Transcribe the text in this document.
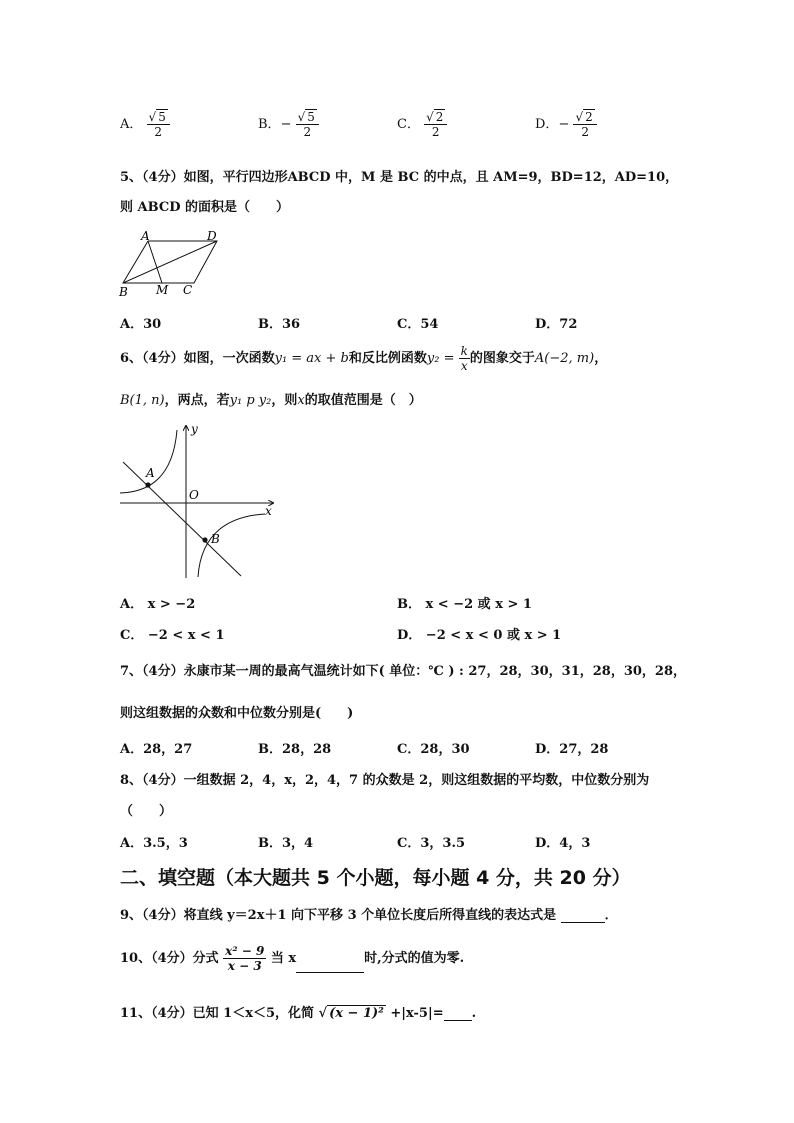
A． $\frac{√ 5}{2}$	B．− $\frac{√ 5}{2}$	C． $\frac{√ 2}{2}$	D．− $\frac{√ 2}{2}$
5、（4分）如图，平行四边形ABCD 中，M 是 BC 的中点，且 AM=9，BD=12，AD=10，
则 ABCD 的面积是（　　）
A	D
B M C
A．30	B．36	C．54	D．72
6、（4分）如图，一次函数y₁ = ax + b和反比例函数$y_2 = \frac{k}{x}$ 的图象交于A(−2, m)，
B(1, n)，两点，若y₁ p y₂，则x的取值范围是（　）
y
x
O
A
B
A． x > −2	B． x < −2 或 x > 1
C． −2 < x < 1	D． −2 < x < 0 或 x > 1
7、（4分）永康市某一周的最高气温统计如下( 单位：℃ ) : 27，28，30，31，28，30，28，
则这组数据的众数和中位数分别是(　　)
A．28，27	B．28，28	C．28，30	D．27，28
8、（4分）一组数据 2，4，x，2，4，7 的众数是 2，则这组数据的平均数，中位数分别为
（　　）
A．3.5，3	B．3，4	C．3，3.5	D．4，3
二、填空题（本大题共 5 个小题，每小题 4 分，共 20 分）
9、（4分）将直线 y＝2x＋1 向下平移 3 个单位长度后所得直线的表达式是	．
10、（4分）分式 $\frac{\text{x² − 9}}{x - 3}$ 当 x	时,分式的值为零.
11、（4分）已知 1＜x＜5，化简 √ (x − 1)² +|x-5|= .
